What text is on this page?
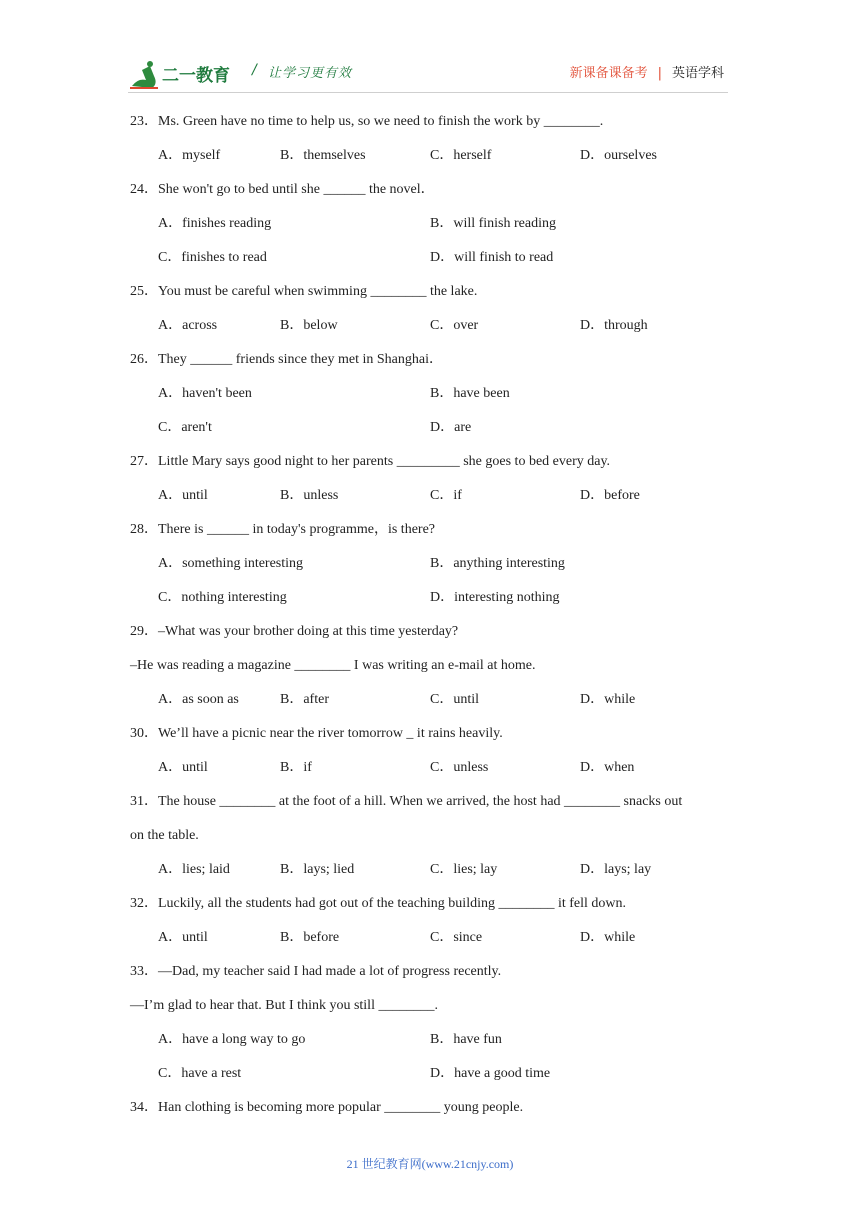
二一教育 / 让学习更有效	新课备课备考 | 英语学科
23．Ms. Green have no time to help us, so we need to finish the work by ________.
A．myself	B．themselves	C．herself	D．ourselves
24．She won't go to bed until she ______ the novel．
A．finishes reading	B．will finish reading
C．finishes to read	D．will finish to read
25．You must be careful when swimming ________ the lake.
A．across	B．below	C．over	D．through
26．They ______ friends since they met in Shanghai．
A．haven't been	B．have been
C．aren't	D．are
27．Little Mary says good night to her parents _________ she goes to bed every day.
A．until	B．unless	C．if	D．before
28．There is ______ in today's programme，is there?
A．something interesting	B．anything interesting
C．nothing interesting	D．interesting nothing
29．–What was your brother doing at this time yesterday?
–He was reading a magazine ________ I was writing an e-mail at home.
A．as soon as	B．after	C．until	D．while
30．We’ll have a picnic near the river tomorrow _ it rains heavily.
A．until	B．if	C．unless	D．when
31．The house ________ at the foot of a hill. When we arrived, the host had ________ snacks out
on the table.
A．lies; laid	B．lays; lied	C．lies; lay	D．lays; lay
32．Luckily, all the students had got out of the teaching building ________ it fell down.
A．until	B．before	C．since	D．while
33．—Dad, my teacher said I had made a lot of progress recently.
—I’m glad to hear that. But I think you still ________.
A．have a long way to go	B．have fun
C．have a rest	D．have a good time
34．Han clothing is becoming more popular ________ young people.
21 世纪教育网(www.21cnjy.com)
